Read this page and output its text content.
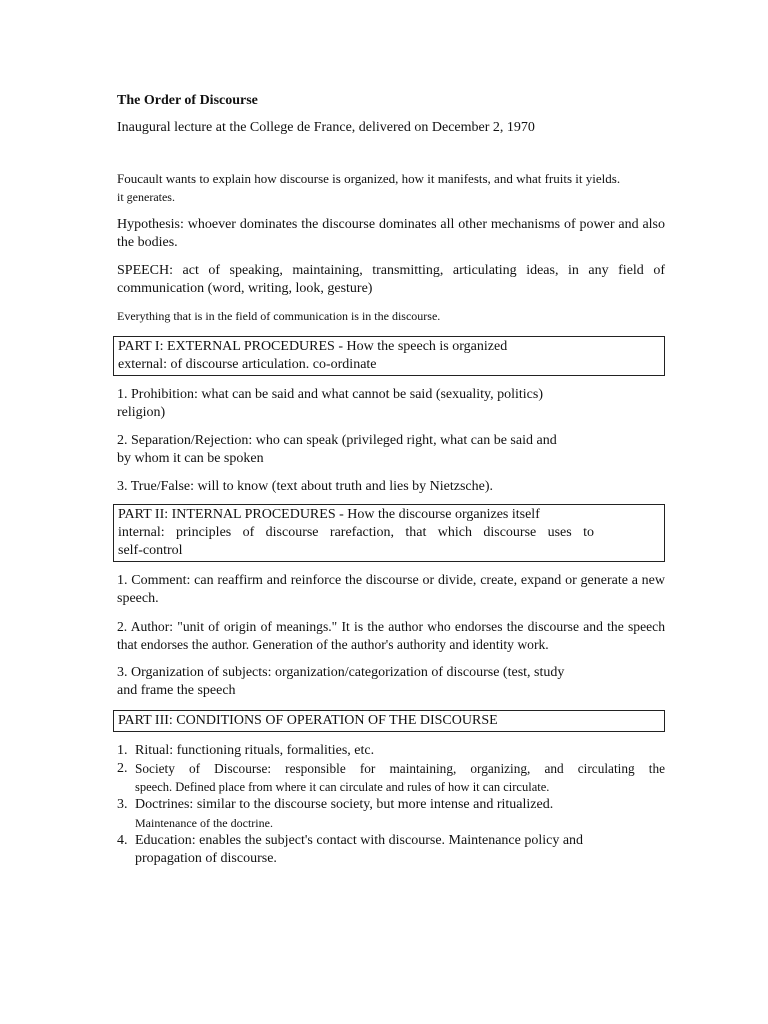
The Order of Discourse
Inaugural lecture at the College de France, delivered on December 2, 1970
Foucault wants to explain how discourse is organized, how it manifests, and what fruits it yields.
it generates.
Hypothesis: whoever dominates the discourse dominates all other mechanisms of power and also the bodies.
SPEECH: act of speaking, maintaining, transmitting, articulating ideas, in any field of communication (word, writing, look, gesture)
Everything that is in the field of communication is in the discourse.
PART I: EXTERNAL PROCEDURES - How the speech is organized
external: of discourse articulation. co-ordinate
1. Prohibition: what can be said and what cannot be said (sexuality, politics)
religion)
2. Separation/Rejection: who can speak (privileged right, what can be said and
by whom it can be spoken
3. True/False: will to know (text about truth and lies by Nietzsche).
PART II: INTERNAL PROCEDURES - How the discourse organizes itself
internal: principles of discourse rarefaction, that which discourse uses to
self-control
1. Comment: can reaffirm and reinforce the discourse or divide, create, expand or generate a new speech.
2. Author: "unit of origin of meanings." It is the author who endorses the discourse and the speech that endorses the author. Generation of the author's authority and identity work.
3. Organization of subjects: organization/categorization of discourse (test, study
and frame the speech
PART III: CONDITIONS OF OPERATION OF THE DISCOURSE
1. Ritual: functioning rituals, formalities, etc.
2. Society of Discourse: responsible for maintaining, organizing, and circulating the
speech. Defined place from where it can circulate and rules of how it can circulate.
3. Doctrines: similar to the discourse society, but more intense and ritualized.
Maintenance of the doctrine.
4. Education: enables the subject's contact with discourse. Maintenance policy and
propagation of discourse.
